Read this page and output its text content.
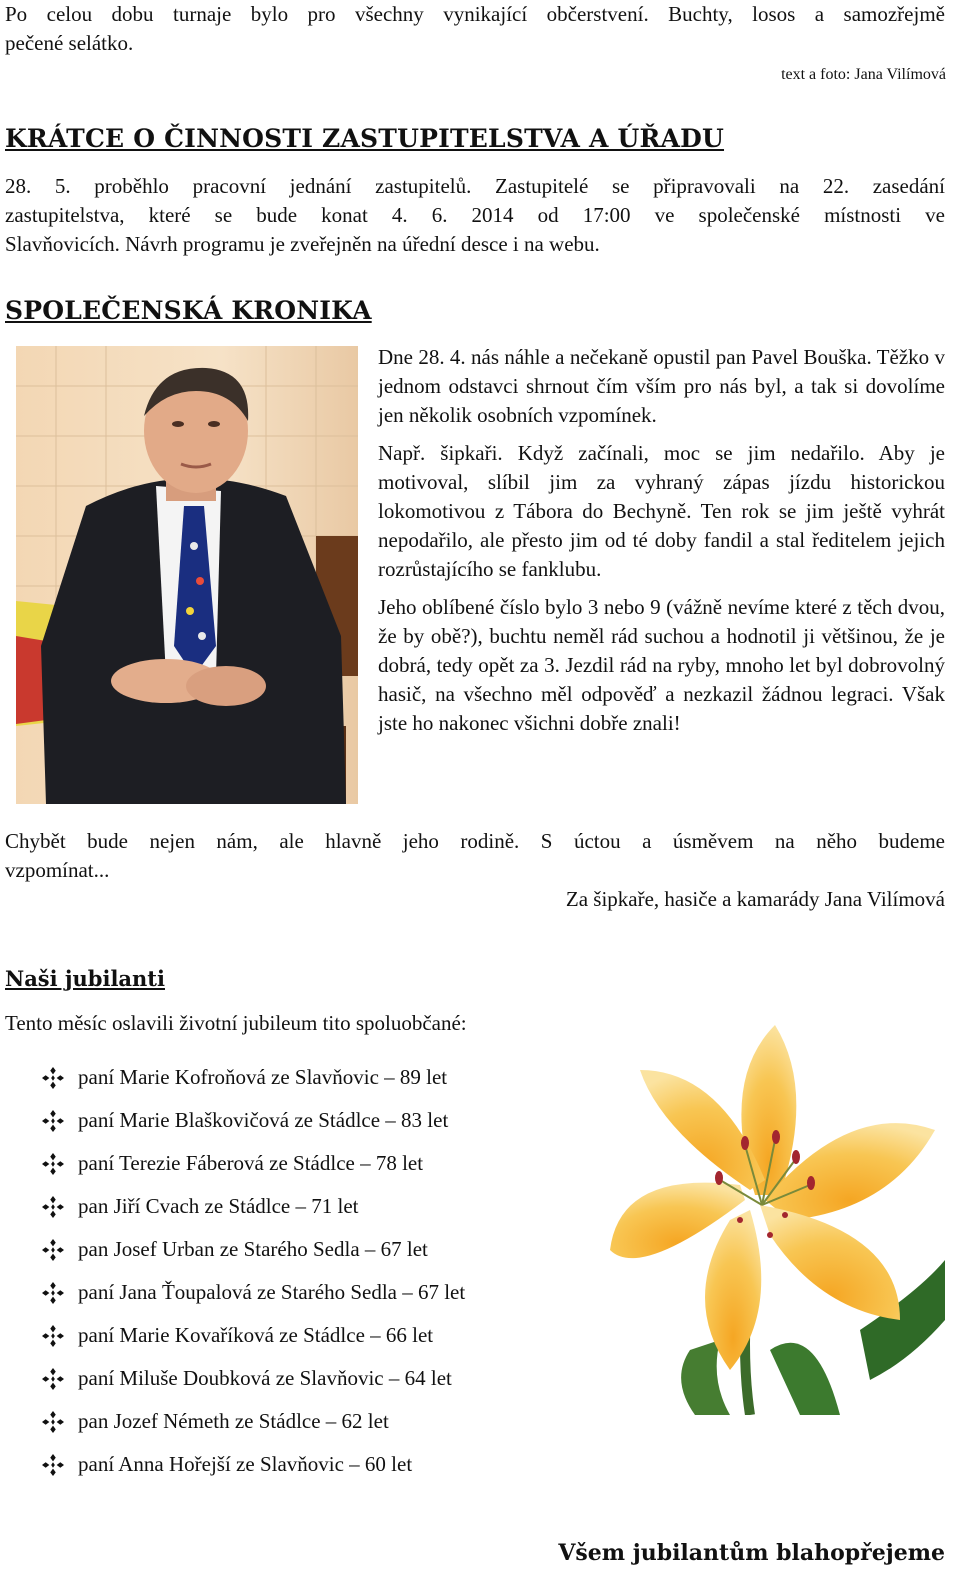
Po celou dobu turnaje bylo pro všechny vynikající občerstvení. Buchty, losos a samozřejmě

pečené selátko.

text a foto: Jana Vilímová
KRÁTCE O ČINNOSTI ZASTUPITELSTVA A ÚŘADU

28. 5. proběhlo pracovní jednání zastupitelů. Zastupitelé se připravovali na 22. zasedání

zastupitelstva, které se bude konat 4. 6. 2014 od 17:00 ve společenské místnosti ve

Slavňovicích. Návrh programu je zveřejněn na úřední desce i na webu.

SPOLEČENSKÁ KRONIKA

Dne 28. 4. nás náhle a nečekaně opustil pan Pavel Bouška. Těžko v jednom odstavci shrnout čím vším pro nás byl, a tak si dovolíme jen několik osobních vzpomínek.

Např. šipkaři. Když začínali, moc se jim nedařilo. Aby je motivoval, slíbil jim za vyhraný zápas jízdu historickou lokomotivou z Tábora do Bechyně. Ten rok se jim ještě vyhrát nepodařilo, ale přesto jim od té doby fandil a stal ředitelem jejich rozrůstajícího se fanklubu.

Jeho oblíbené číslo bylo 3 nebo 9 (vážně nevíme které z těch dvou, že by obě?), buchtu neměl rád suchou a hodnotil ji většinou, že je dobrá, tedy opět za 3. Jezdil rád na ryby, mnoho let byl dobrovolný hasič, na všechno měl odpověď a nezkazil žádnou legraci. Však jste ho nakonec všichni dobře znali!

Chybět bude nejen nám, ale hlavně jeho rodině. S úctou a úsměvem na něho budeme

vzpomínat...

Za šipkaře, hasiče a kamarády Jana Vilímová
Naši jubilanti

Tento měsíc oslavili životní jubileum tito spoluobčané:

paní Marie Kofroňová ze Slavňovic – 89 let
paní Marie Blaškovičová ze Stádlce – 83 let
paní Terezie Fáberová ze Stádlce – 78 let
pan Jiří Cvach ze Stádlce – 71 let
pan Josef Urban ze Starého Sedla – 67 let
paní Jana Ťoupalová ze Starého Sedla – 67 let
paní Marie Kovaříková ze Stádlce – 66 let
paní Miluše Doubková ze Slavňovic – 64 let
pan Jozef Németh ze Stádlce – 62 let
paní Anna Hořejší ze Slavňovic – 60 let
Všem jubilantům blahopřejeme
